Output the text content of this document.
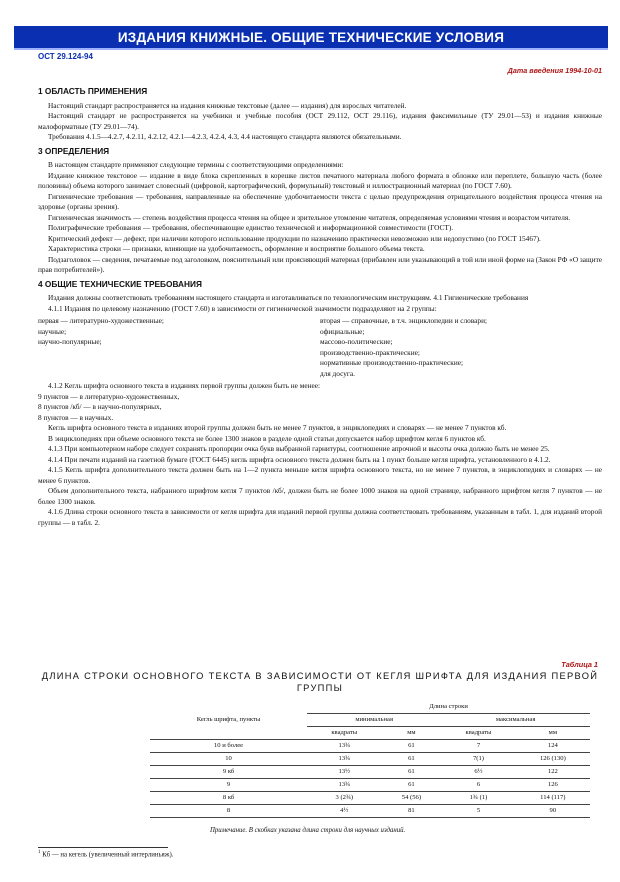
ИЗДАНИЯ КНИЖНЫЕ. ОБЩИЕ ТЕХНИЧЕСКИЕ УСЛОВИЯ
ОСТ 29.124-94
Дата введения 1994-10-01
1 ОБЛАСТЬ ПРИМЕНЕНИЯ

Настоящий стандарт распространяется на издания книжные текстовые (далее — издания) для взрослых читателей.

Настоящий стандарт не распространяется на учебники и учебные пособия (ОСТ 29.112, ОСТ 29.116), издания факсимильные (ТУ 29.01—53) и издания книжные малоформатные (ТУ 29.01—74).

Требования 4.1.5—4.2.7, 4.2.11, 4.2.12, 4.2.1—4.2.3, 4.2.4, 4.3, 4.4 настоящего стандарта являются обязательными.

3 ОПРЕДЕЛЕНИЯ

В настоящем стандарте применяют следующие термины с соответствующими определениями:

Издание книжное текстовое — издание в виде блока скрепленных в корешке листов печатного материала любого формата в обложке или переплете, большую часть (более половины) объема которого занимает словесный (цифровой, картографический, формульный) текстовый и иллюстрационный материал (по ГОСТ 7.60).

Гигиенические требования — требования, направленные на обеспечение удобочитаемости текста с целью предупреждения отрицательного воздействия процесса чтения на здоровье (органы зрения).

Гигиеническая значимость — степень воздействия процесса чтения на общее и зрительное утомление читателя, определяемая условиями чтения и возрастом читателя.

Полиграфические требования — требования, обеспечивающие единство технической и информационной совместимости (ГОСТ).

Критический дефект — дефект, при наличии которого использование продукции по назначению практически невозможно или недопустимо (по ГОСТ 15467).

Характеристика строки — признаки, влияющие на удобочитаемость, оформление и восприятие большого объема текста.

Подзаголовок — сведения, печатаемые под заголовком, пояснительный или проясняющий материал (прибавлен или указывающий в той или иной форме на (Закон РФ «О защите прав потребителей»).

4 ОБЩИЕ ТЕХНИЧЕСКИЕ ТРЕБОВАНИЯ

Издания должны соответствовать требованиям настоящего стандарта и изготавливаться по технологическим инструкциям. 4.1 Гигиенические требования

4.1.1 Издания по целевому назначению (ГОСТ 7.60) в зависимости от гигиенической значимости подразделяют на 2 группы:

первая — литературно-художественные;
научные;
научно-популярные;
вторая — справочные, в т.ч. энциклопедии и словари;
официальные;
массово-политические;
производственно-практические;
нормативные производственно-практические;
для досуга.

4.1.2 Кегль шрифта основного текста в изданиях первой группы должен быть не менее:

9 пунктов — в литературно-художественных,
8 пунктов /кб/ — в научно-популярных,
8 пунктов — в научных.

Кегль шрифта основного текста в изданиях второй группы должен быть не менее 7 пунктов, в энциклопедиях и словарях — не менее 7 пунктов кб.

В энциклопедиях при объеме основного текста не более 1300 знаков в разделе одной статьи допускается набор шрифтом кегля 6 пунктов кб.

4.1.3 При компьютерном наборе следует сохранять пропорции очка букв выбранной гарнитуры, соотношение апрочной и высоты очка должно быть не менее 25.

4.1.4 При печати изданий на газетной бумаге (ГОСТ 6445) кегль шрифта основного текста должен быть на 1 пункт больше кегля шрифта, установленного в 4.1.2.

4.1.5 Кегль шрифта дополнительного текста должен быть на 1—2 пункта меньше кегля шрифта основного текста, но не менее 7 пунктов, в энциклопедиях и словарях — не менее 6 пунктов.

Объем дополнительного текста, набранного шрифтом кегля 7 пунктов /кб/, должен быть не более 1000 знаков на одной странице, набранного шрифтом кегля 7 пунктов — не более 1300 знаков.

4.1.6 Длина строки основного текста в зависимости от кегля шрифта для изданий первой группы должна соответствовать требованиям, указанным в табл. 1, для изданий второй группы — в табл. 2.

Таблица 1
ДЛИНА СТРОКИ ОСНОВНОГО ТЕКСТА В ЗАВИСИМОСТИ ОТ КЕГЛЯ ШРИФТА ДЛЯ ИЗДАНИЯ ПЕРВОЙ ГРУППЫ
Кегль шрифта, пункты	Длина строки			
	минимальная		максимальная	
	квадраты	мм	квадраты	мм
10 и более	13¾	61	7	124
10	13¾	61	7(1)	126 (130)
9 кб	13½	61	6½	122
9	13¾	61	6	126
8 кб	3 (2¾)	54 (56)	1¾ (1)	114 (117)
8	4½	81	5	90
Примечание. В скобках указана длина строки для научных изданий.
$^1$ Кб — на кегель (увеличенный интерлиньяж).
